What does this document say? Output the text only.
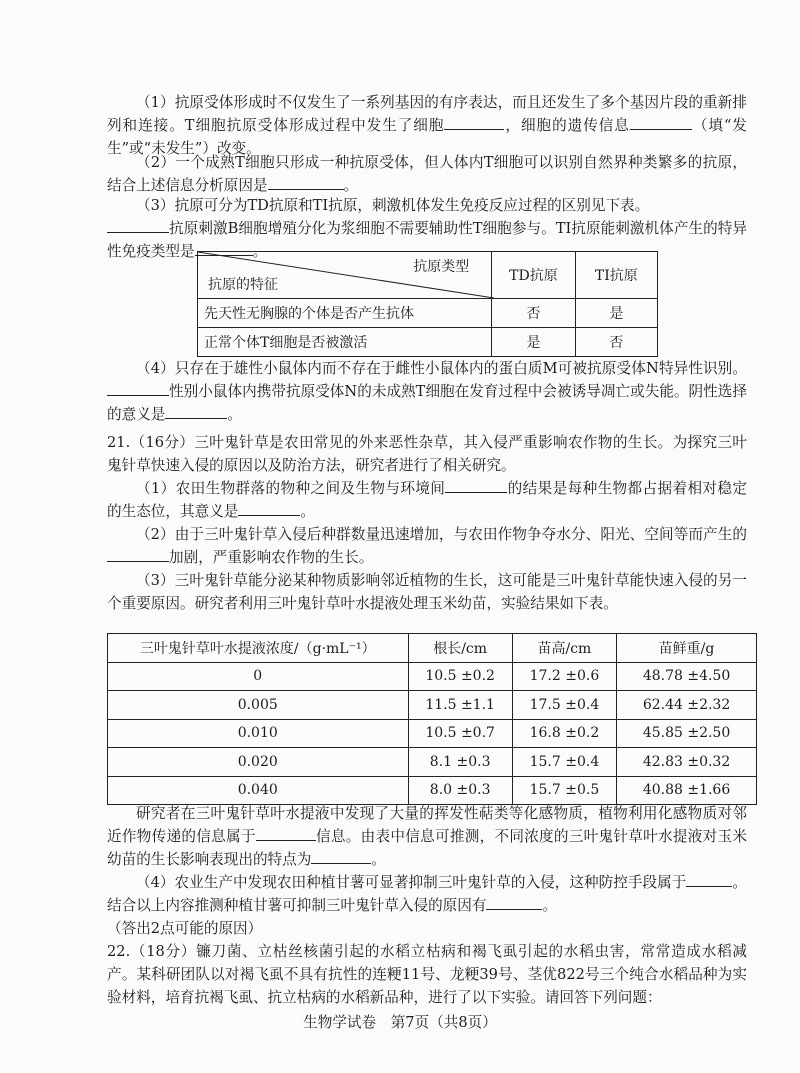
（1）抗原受体形成时不仅发生了一系列基因的有序表达，而且还发生了多个基因片段的重新排列和连接。T细胞抗原受体形成过程中发生了细胞	，细胞的遗传信息	（填“发生”或“未发生”）改变。

（2）一个成熟T细胞只形成一种抗原受体，但人体内T细胞可以识别自然界种类繁多的抗原，结合上述信息分析原因是	。

（3）抗原可分为TD抗原和TI抗原，刺激机体发生免疫反应过程的区别见下表。

抗原刺激B细胞增殖分化为浆细胞不需要辅助性T细胞参与。TI抗原能刺激机体产生的特异性免疫类型是	。

抗原类型
抗原的特征	TD抗原	TI抗原
先天性无胸腺的个体是否产生抗体	否	是
正常个体T细胞是否被激活	是	否

（4）只存在于雄性小鼠体内而不存在于雌性小鼠体内的蛋白质M可被抗原受体N特异性识别。性别小鼠体内携带抗原受体N的未成熟T细胞在发育过程中会被诱导凋亡或失能。阴性选择的意义是	。

21.（16分）三叶鬼针草是农田常见的外来恶性杂草，其入侵严重影响农作物的生长。为探究三叶鬼针草快速入侵的原因以及防治方法，研究者进行了相关研究。

（1）农田生物群落的物种之间及生物与环境间	的结果是每种生物都占据着相对稳定的生态位，其意义是	。

（2）由于三叶鬼针草入侵后种群数量迅速增加，与农田作物争夺水分、阳光、空间等而产生的加剧，严重影响农作物的生长。

（3）三叶鬼针草能分泌某种物质影响邻近植物的生长，这可能是三叶鬼针草能快速入侵的另一个重要原因。研究者利用三叶鬼针草叶水提液处理玉米幼苗，实验结果如下表。

三叶鬼针草叶水提液浓度/（g·mL⁻¹）	根长/cm	苗高/cm	苗鲜重/g
0	10.5 ±0.2	17.2 ±0.6	48.78 ±4.50
0.005	11.5 ±1.1	17.5 ±0.4	62.44 ±2.32
0.010	10.5 ±0.7	16.8 ±0.2	45.85 ±2.50
0.020	8.1 ±0.3	15.7 ±0.4	42.83 ±0.32
0.040	8.0 ±0.3	15.7 ±0.5	40.88 ±1.66

研究者在三叶鬼针草叶水提液中发现了大量的挥发性萜类等化感物质，植物利用化感物质对邻近作物传递的信息属于	信息。由表中信息可推测，不同浓度的三叶鬼针草叶水提液对玉米幼苗的生长影响表现出的特点为	。

（4）农业生产中发现农田种植甘薯可显著抑制三叶鬼针草的入侵，这种防控手段属于	。结合以上内容推测种植甘薯可抑制三叶鬼针草入侵的原因有	。
（答出2点可能的原因）

22.（18分）镰刀菌、立枯丝核菌引起的水稻立枯病和褐飞虱引起的水稻虫害，常常造成水稻减产。某科研团队以对褐飞虱不具有抗性的连粳11号、龙粳39号、茎优822号三个纯合水稻品种为实验材料，培育抗褐飞虱、抗立枯病的水稻新品种，进行了以下实验。请回答下列问题：

生物学试卷　第7页（共8页）
